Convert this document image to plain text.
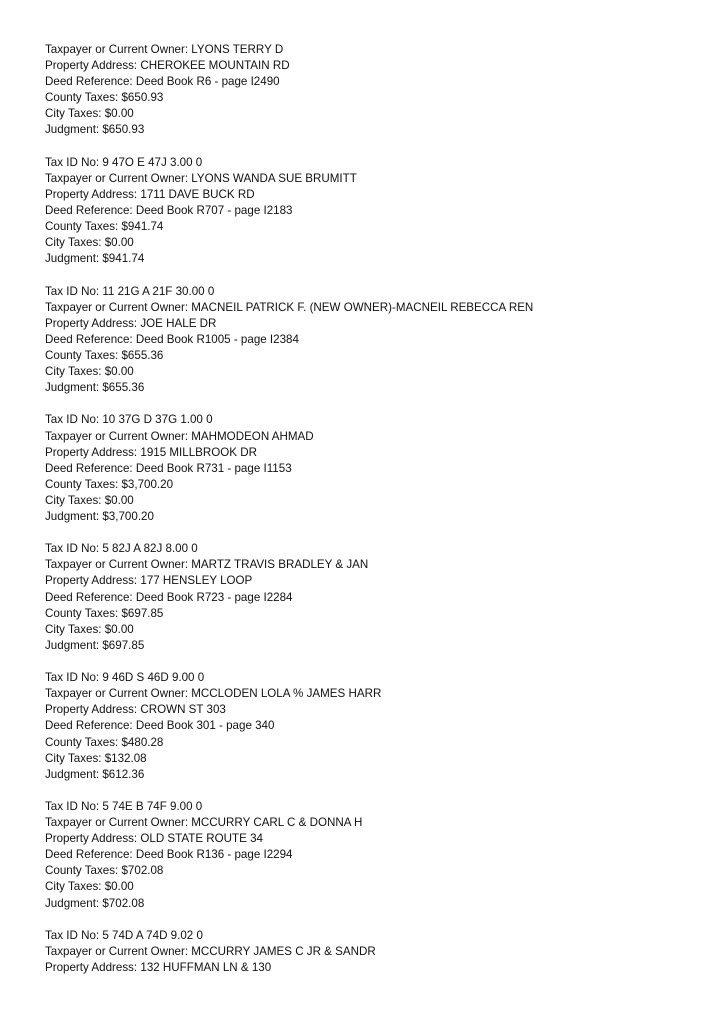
Taxpayer or Current Owner: LYONS TERRY D
Property Address: CHEROKEE MOUNTAIN RD
Deed Reference: Deed Book R6 - page I2490
County Taxes: $650.93
City Taxes: $0.00
Judgment: $650.93
Tax ID No: 9 47O E 47J 3.00 0
Taxpayer or Current Owner: LYONS WANDA SUE BRUMITT
Property Address: 1711 DAVE BUCK RD
Deed Reference: Deed Book R707 - page I2183
County Taxes: $941.74
City Taxes: $0.00
Judgment: $941.74
Tax ID No: 11 21G A 21F 30.00 0
Taxpayer or Current Owner: MACNEIL PATRICK F. (NEW OWNER)-MACNEIL REBECCA REN
Property Address: JOE HALE DR
Deed Reference: Deed Book R1005 - page I2384
County Taxes: $655.36
City Taxes: $0.00
Judgment: $655.36
Tax ID No: 10 37G D 37G 1.00 0
Taxpayer or Current Owner: MAHMODEON AHMAD
Property Address: 1915 MILLBROOK DR
Deed Reference: Deed Book R731 - page I1153
County Taxes: $3,700.20
City Taxes: $0.00
Judgment: $3,700.20
Tax ID No: 5 82J A 82J 8.00 0
Taxpayer or Current Owner: MARTZ TRAVIS BRADLEY & JAN
Property Address: 177 HENSLEY LOOP
Deed Reference: Deed Book R723 - page I2284
County Taxes: $697.85
City Taxes: $0.00
Judgment: $697.85
Tax ID No: 9 46D S 46D 9.00 0
Taxpayer or Current Owner: MCCLODEN LOLA % JAMES HARR
Property Address: CROWN ST 303
Deed Reference: Deed Book 301 - page 340
County Taxes: $480.28
City Taxes: $132.08
Judgment: $612.36
Tax ID No: 5 74E B 74F 9.00 0
Taxpayer or Current Owner: MCCURRY CARL C & DONNA H
Property Address: OLD STATE ROUTE 34
Deed Reference: Deed Book R136 - page I2294
County Taxes: $702.08
City Taxes: $0.00
Judgment: $702.08
Tax ID No: 5 74D A 74D 9.02 0
Taxpayer or Current Owner: MCCURRY JAMES C JR & SANDR
Property Address: 132 HUFFMAN LN & 130
